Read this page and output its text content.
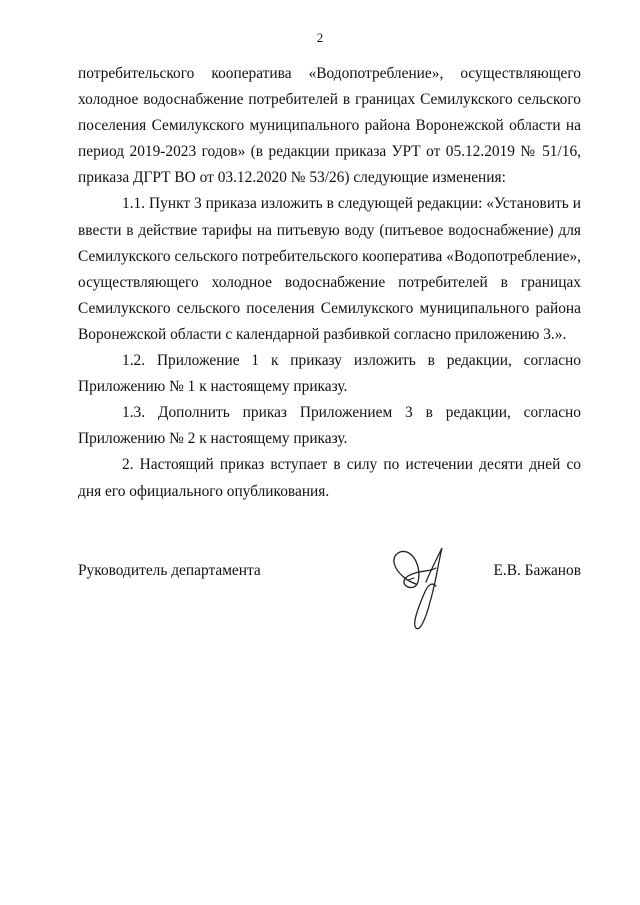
2

потребительского кооператива «Водопотребление», осуществляющего холодное водоснабжение потребителей в границах Семилукского сельского поселения Семилукского муниципального района Воронежской области на период 2019-2023 годов» (в редакции приказа УРТ от 05.12.2019 № 51/16, приказа ДГРТ ВО от 03.12.2020 № 53/26) следующие изменения:

1.1. Пункт 3 приказа изложить в следующей редакции: «Установить и ввести в действие тарифы на питьевую воду (питьевое водоснабжение) для Семилукского сельского потребительского кооператива «Водопотребление», осуществляющего холодное водоснабжение потребителей в границах Семилукского сельского поселения Семилукского муниципального района Воронежской области с календарной разбивкой согласно приложению 3.».

1.2. Приложение 1 к приказу изложить в редакции, согласно Приложению № 1 к настоящему приказу.

1.3. Дополнить приказ Приложением 3 в редакции, согласно Приложению № 2 к настоящему приказу.

2. Настоящий приказ вступает в силу по истечении десяти дней со дня его официального опубликования.

Руководитель департамента	Е.В. Бажанов
